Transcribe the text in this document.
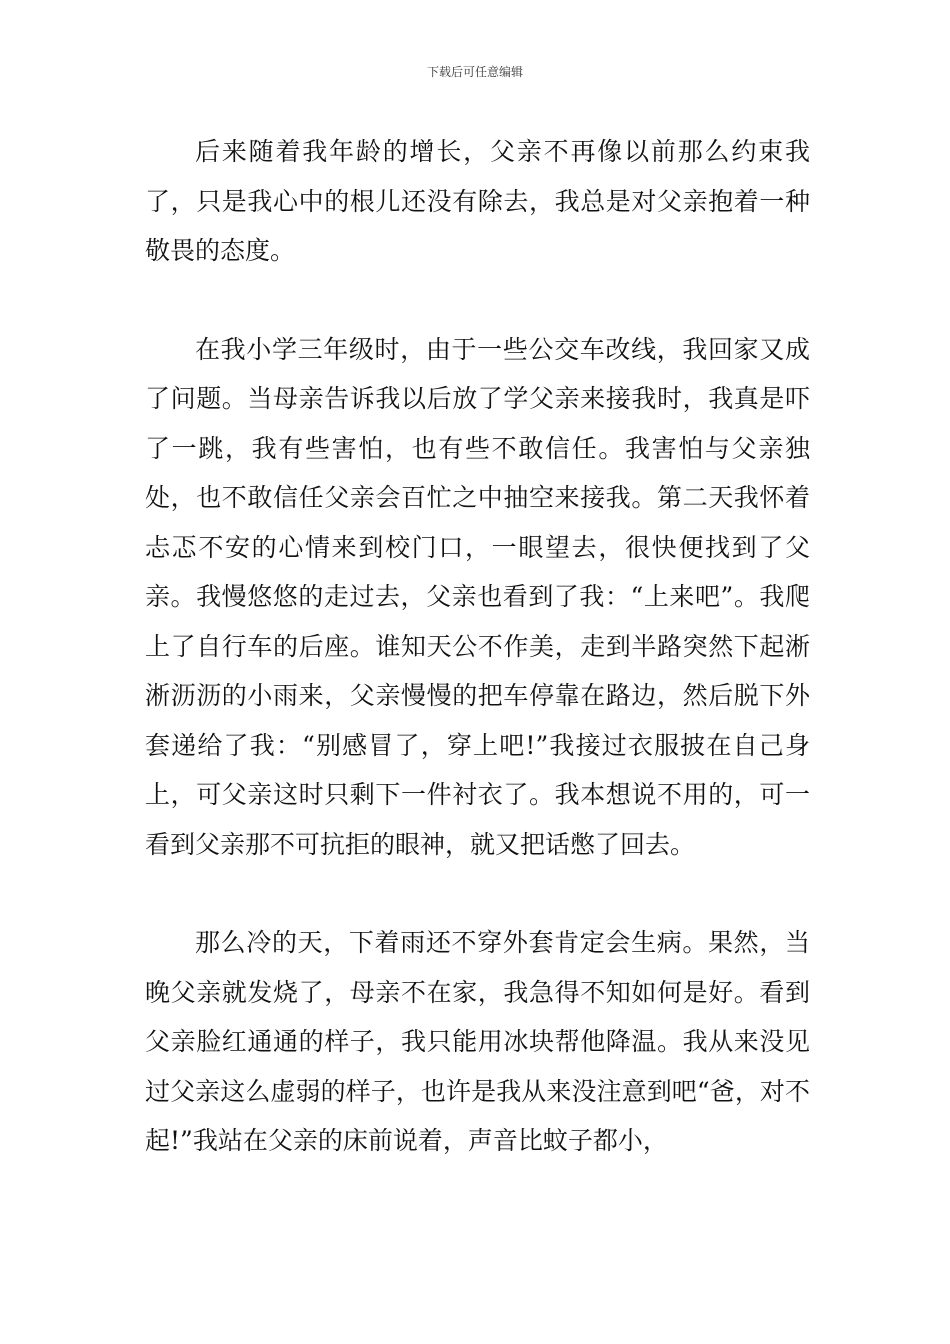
下载后可任意编辑

后来随着我年龄的增长，父亲不再像以前那么约束我了，只是我心中的根儿还没有除去，我总是对父亲抱着一种敬畏的态度。

在我小学三年级时，由于一些公交车改线，我回家又成了问题。当母亲告诉我以后放了学父亲来接我时，我真是吓了一跳，我有些害怕，也有些不敢信任。我害怕与父亲独处，也不敢信任父亲会百忙之中抽空来接我。第二天我怀着忐忑不安的心情来到校门口，一眼望去，很快便找到了父亲。我慢悠悠的走过去，父亲也看到了我：“上来吧”。我爬上了自行车的后座。谁知天公不作美，走到半路突然下起淅淅沥沥的小雨来，父亲慢慢的把车停靠在路边，然后脱下外套递给了我：“别感冒了，穿上吧!”我接过衣服披在自己身上，可父亲这时只剩下一件衬衣了。我本想说不用的，可一看到父亲那不可抗拒的眼神，就又把话憋了回去。

那么冷的天，下着雨还不穿外套肯定会生病。果然，当晚父亲就发烧了，母亲不在家，我急得不知如何是好。看到父亲脸红通通的样子，我只能用冰块帮他降温。我从来没见过父亲这么虚弱的样子，也许是我从来没注意到吧“爸，对不起!”我站在父亲的床前说着，声音比蚊子都小，
